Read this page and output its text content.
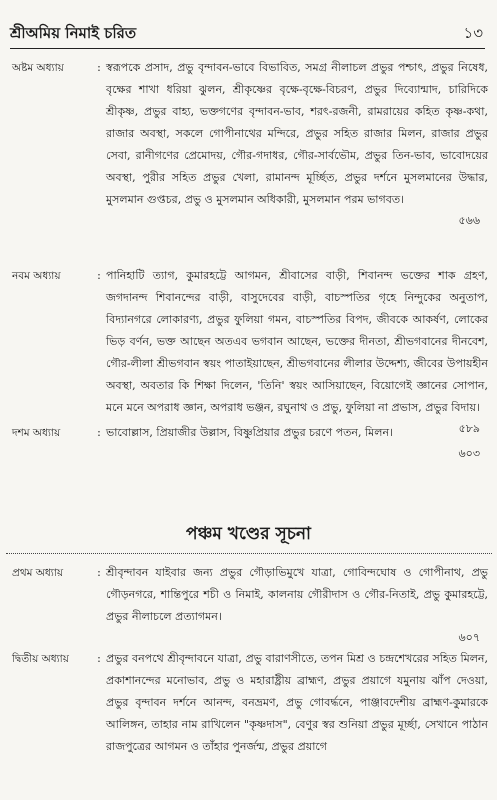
শ্রীঅমিয় নিমাই চরিত	১৩
অষ্টম অধ্যায়	: স্বরূপকে প্রসাদ, প্রভু বৃন্দাবন-ভাবে বিভাবিত, সমগ্র নীলাচল প্রভুর পশ্চাৎ, প্রভুর নিষেধ, বৃক্ষের শাখা ধরিয়া ঝুলন, শ্রীকৃষ্ণের বৃক্ষে-বৃক্ষে-বিচরণ, প্রভুর দিব্যোন্মাদ, চারিদিকে শ্রীকৃষ্ণ, প্রভুর বাহ্য, ভক্তগণের বৃন্দাবন-ভাব, শরৎ-রজনী, রামরায়ের কহিত কৃষ্ণ-কথা, রাজার অবস্থা, সকলে গোপীনাথের মন্দিরে, প্রভুর সহিত রাজার মিলন, রাজার প্রভুর সেবা, রানীগণের প্রেমোদয়, গৌর-গদাধর, গৌর-সার্বভৌম, প্রভুর তিন-ভাব, ভাবোদয়ের অবস্থা, পুরীর সহিত প্রভুর খেলা, রামানন্দ মূর্চ্ছিত, প্রভুর দর্শনে মুসলমানের উদ্ধার, মুসলমান গুপ্তচর, প্রভু ও মুসলমান অধিকারী, মুসলমান পরম ভাগবত।
৫৬৬
নবম অধ্যায়	: পানিহাটি ত্যাগ, কুমারহট্টে আগমন, শ্রীবাসের বাড়ী, শিবানন্দ ভক্তের শাক গ্রহণ, জগদানন্দ শিবানন্দের বাড়ী, বাসুদেবের বাড়ী, বাচস্পতির গৃহে নিন্দুকের অনুতাপ, বিদ্যানগরে লোকারণ্য, প্রভুর ফুলিয়া গমন, বাচস্পতির বিপদ, জীবকে আকর্ষণ, লোকের ভিড় বর্ণন, ভক্ত আছেন অতএব ভগবান আছেন, ভক্তের দীনতা, শ্রীভগবানের দীনবেশ, গৌর-লীলা শ্রীভগবান স্বয়ং পাতাইয়াছেন, শ্রীভগবানের লীলার উদ্দেশ্য, জীবের উপায়হীন অবস্থা, অবতার কি শিক্ষা দিলেন, 'তিনি' স্বয়ং আসিয়াছেন, বিয়োগেই জ্ঞানের সোপান, মনে মনে অপরাধ জ্ঞান, অপরাধ ভঞ্জন, রঘুনাথ ও প্রভু, ফুলিয়া না প্রভাস, প্রভুর বিদায়।
৫৮৯
দশম অধ্যায়	: ভাবোল্লাস, প্রিয়াজীর উল্লাস, বিষ্ণুপ্রিয়ার প্রভুর চরণে পতন, মিলন।
৬০৩
পঞ্চম খণ্ডের সূচনা
প্রথম অধ্যায়	: শ্রীবৃন্দাবন যাইবার জন্য প্রভুর গৌড়াভিমুখে যাত্রা, গোবিন্দঘোষ ও গোপীনাথ, প্রভু গৌড়নগরে, শান্তিপুরে শচী ও নিমাই, কালনায় গৌরীদাস ও গৌর-নিতাই, প্রভু কুমারহট্টে, প্রভুর নীলাচলে প্রত্যাগমন।
৬০৭
দ্বিতীয় অধ্যায়	: প্রভুর বনপথে শ্রীবৃন্দাবনে যাত্রা, প্রভু বারাণসীতে, তপন মিশ্র ও চন্দ্রশেখরের সহিত মিলন, প্রকাশানন্দের মনোভাব, প্রভু ও মহারাষ্ট্রীয় ব্রাহ্মণ, প্রভুর প্রয়াগে যমুনায় ঝাঁপ দেওয়া, প্রভুর বৃন্দাবন দর্শনে আনন্দ, বনভ্রমণ, প্রভু গোবর্দ্ধনে, পাঞ্জাবদেশীয় ব্রাহ্মণ-কুমারকে আলিঙ্গন, তাহার নাম রাখিলেন "কৃষ্ণদাস", বেণুর স্বর শুনিয়া প্রভুর মূর্চ্ছা, সেখানে পাঠান রাজপুত্রের আগমন ও তাঁহার পুনর্জন্ম, প্রভুর প্রয়াগে
